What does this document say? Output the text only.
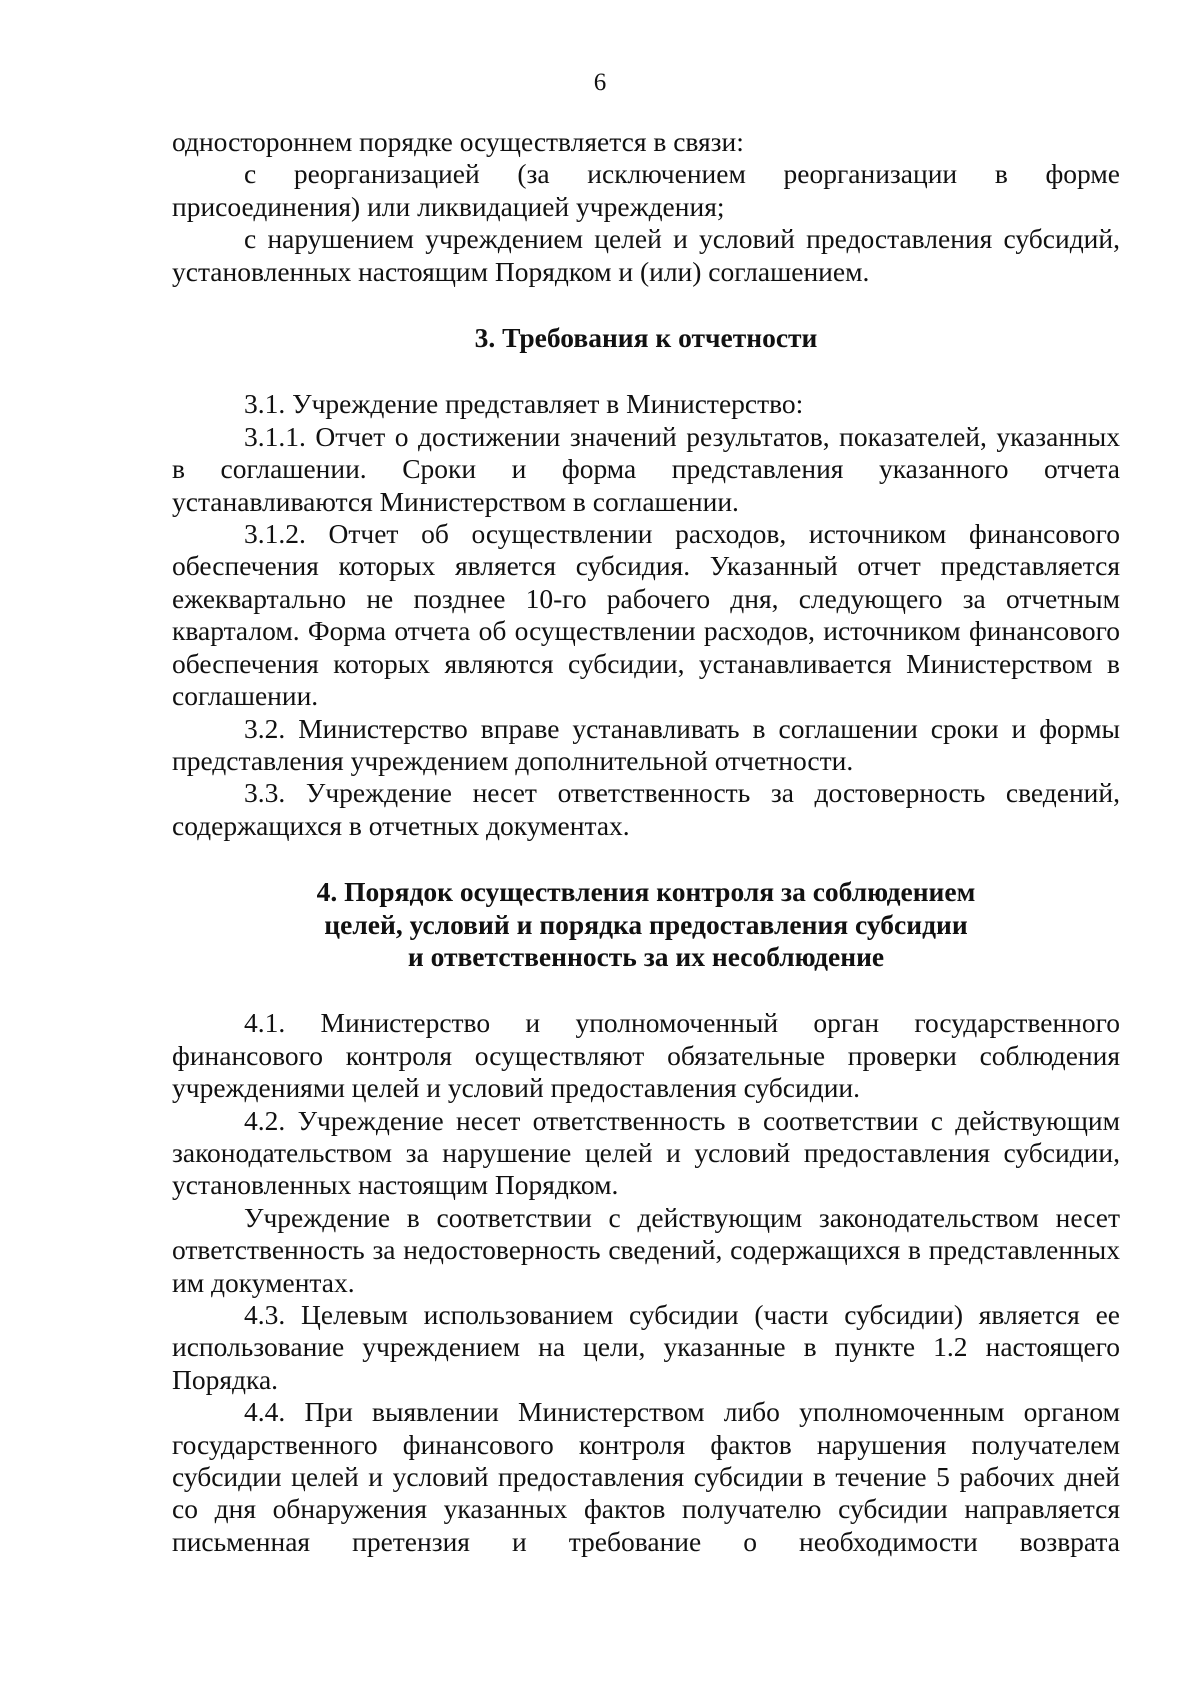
6

одностороннем порядке осуществляется в связи:

с реорганизацией (за исключением реорганизации в форме присоединения) или ликвидацией учреждения;

с нарушением учреждением целей и условий предоставления субсидий, установленных настоящим Порядком и (или) соглашением.

3. Требования к отчетности

3.1. Учреждение представляет в Министерство:

3.1.1. Отчет о достижении значений результатов, показателей, указанных в соглашении. Сроки и форма представления указанного отчета устанавливаются Министерством в соглашении.

3.1.2. Отчет об осуществлении расходов, источником финансового обеспечения которых является субсидия. Указанный отчет представляется ежеквартально не позднее 10-го рабочего дня, следующего за отчетным кварталом. Форма отчета об осуществлении расходов, источником финансового обеспечения которых являются субсидии, устанавливается Министерством в соглашении.

3.2. Министерство вправе устанавливать в соглашении сроки и формы представления учреждением дополнительной отчетности.

3.3. Учреждение несет ответственность за достоверность сведений, содержащихся в отчетных документах.

4. Порядок осуществления контроля за соблюдением
целей, условий и порядка предоставления субсидии
и ответственность за их несоблюдение

4.1. Министерство и уполномоченный орган государственного финансового контроля осуществляют обязательные проверки соблюдения учреждениями целей и условий предоставления субсидии.

4.2. Учреждение несет ответственность в соответствии с действующим законодательством за нарушение целей и условий предоставления субсидии, установленных настоящим Порядком.

Учреждение в соответствии с действующим законодательством несет ответственность за недостоверность сведений, содержащихся в представленных им документах.

4.3. Целевым использованием субсидии (части субсидии) является ее использование учреждением на цели, указанные в пункте 1.2 настоящего Порядка.

4.4. При выявлении Министерством либо уполномоченным органом государственного финансового контроля фактов нарушения получателем субсидии целей и условий предоставления субсидии в течение 5 рабочих дней со дня обнаружения указанных фактов получателю субсидии направляется письменная претензия и требование о необходимости возврата
